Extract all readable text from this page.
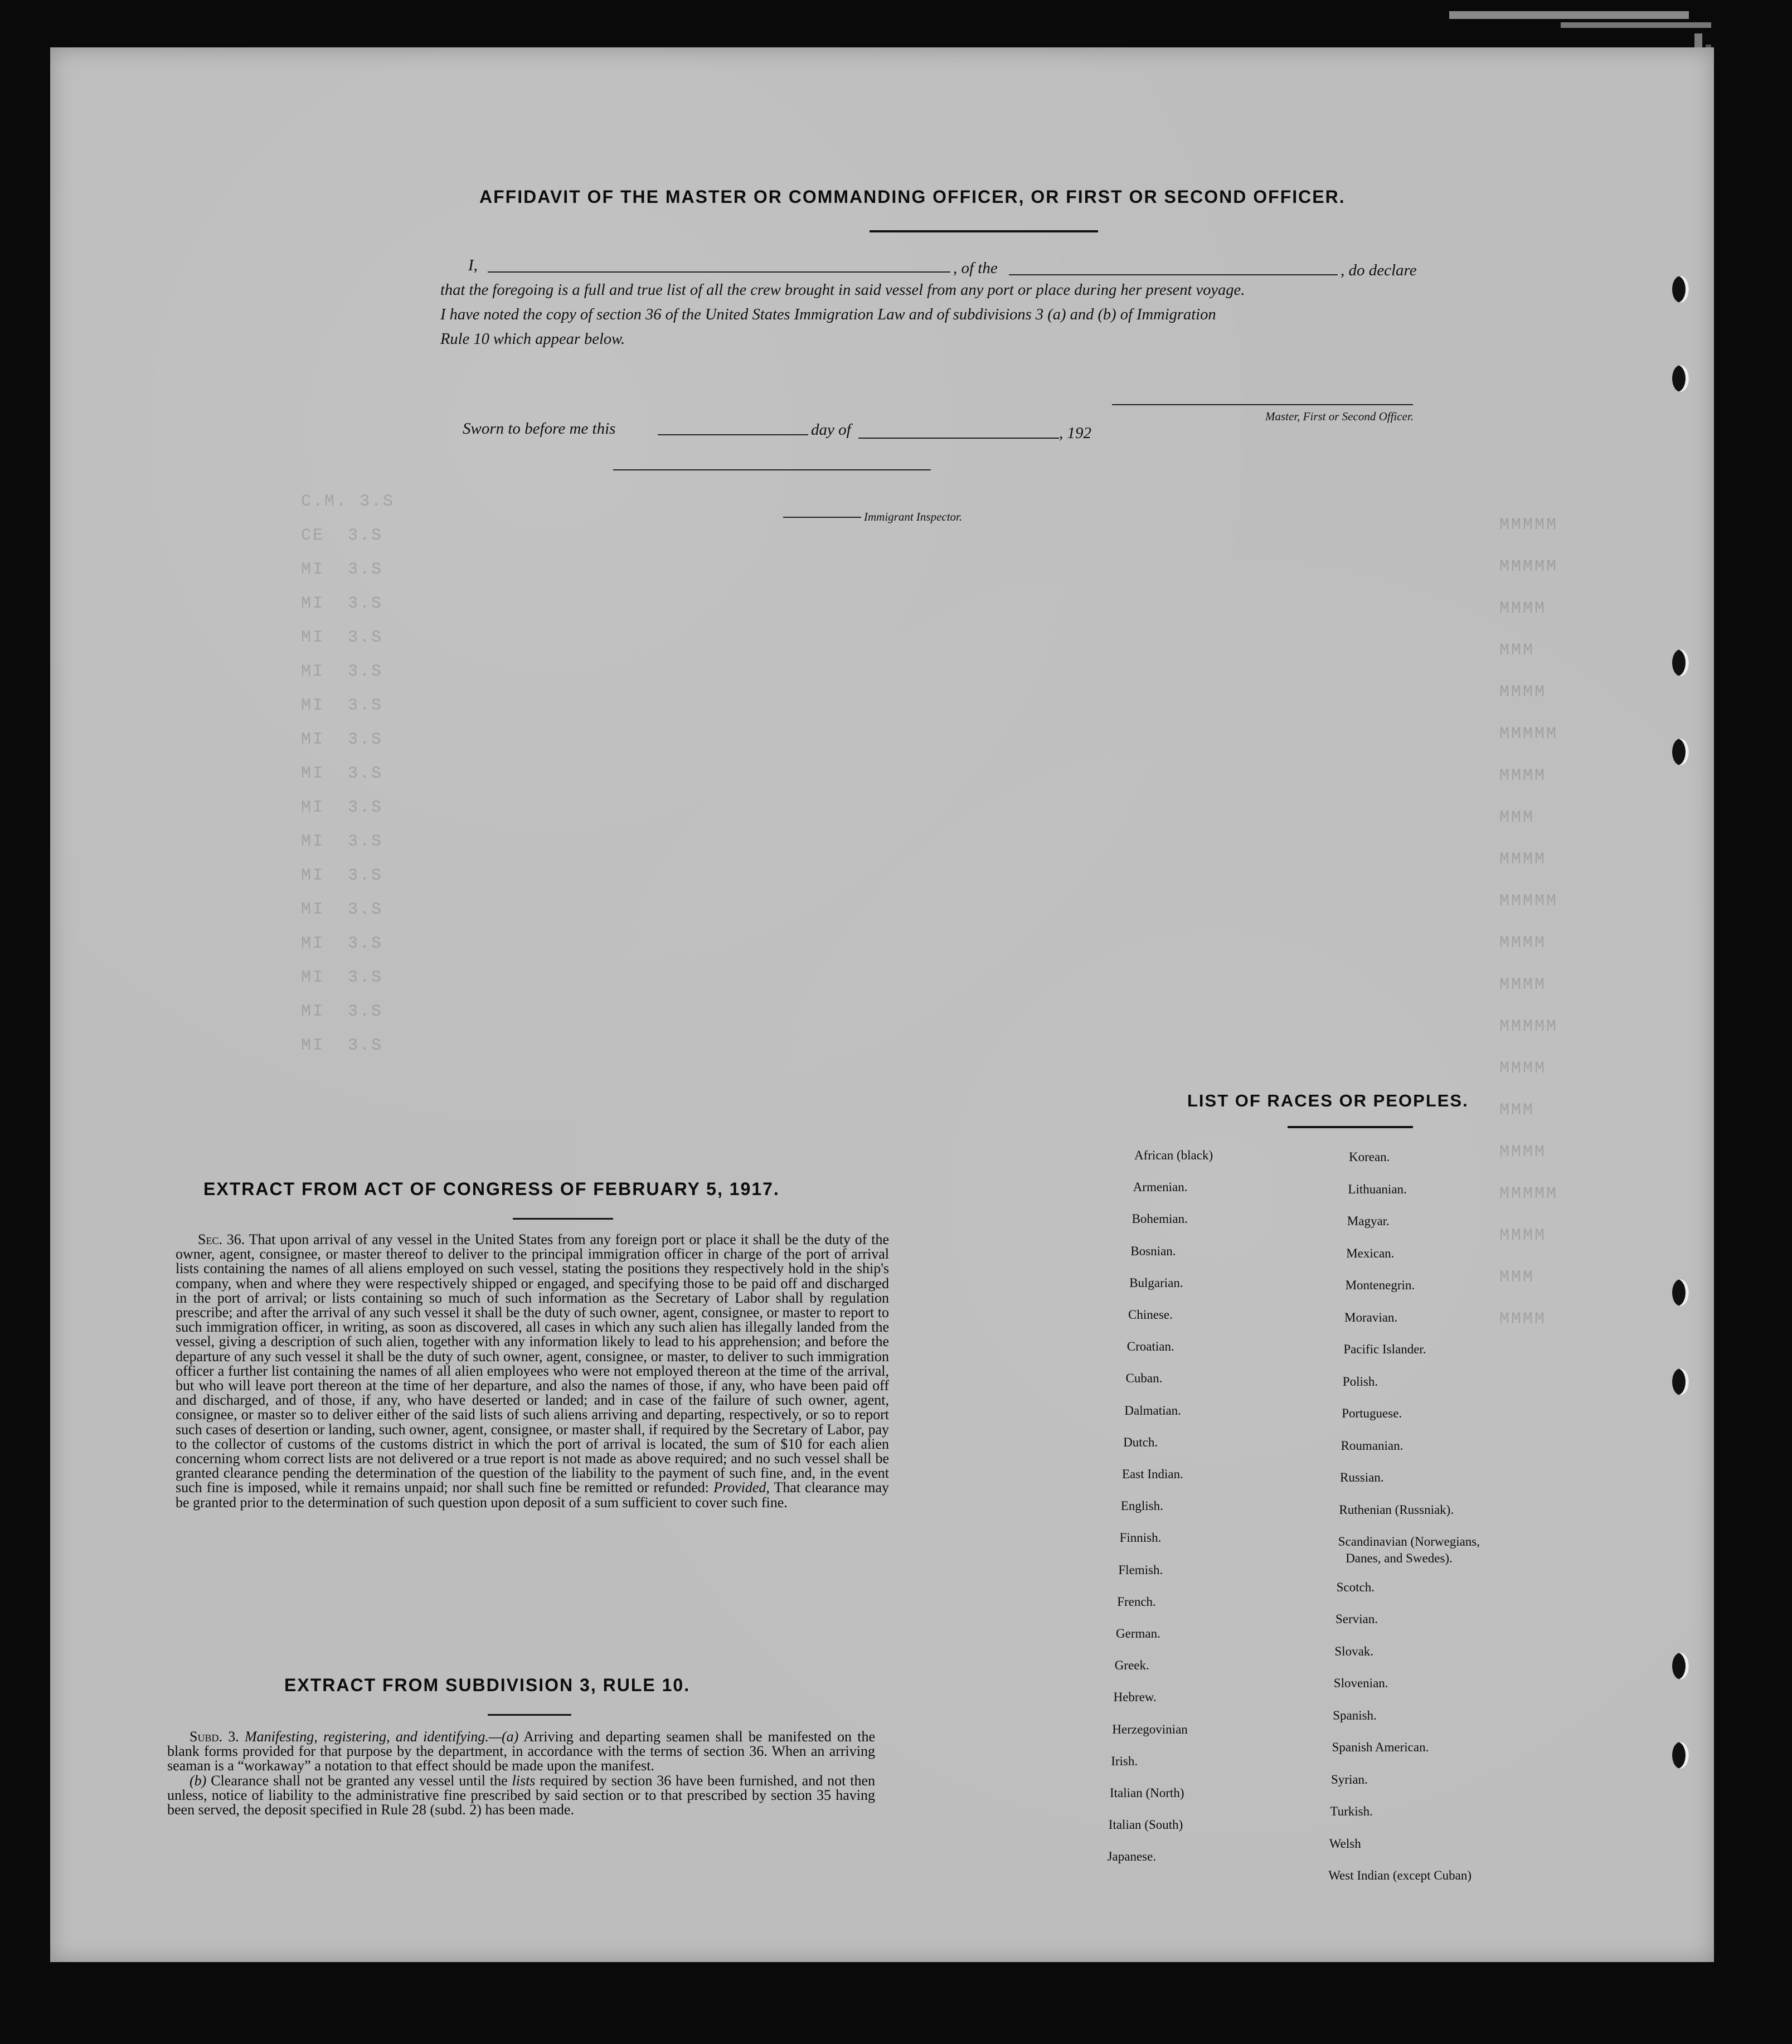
C.M. 3.S
CE  3.S
MI  3.S
MI  3.S
MI  3.S
MI  3.S
MI  3.S
MI  3.S
MI  3.S
MI  3.S
MI  3.S
MI  3.S
MI  3.S
MI  3.S
MI  3.S
MI  3.S
MI  3.S
MMMMM
MMMMM
MMMM
MMM
MMMM
MMMMM
MMMM
MMM
MMMM
MMMMM
MMMM
MMMM
MMMMM
MMMM
MMM
MMMM
MMMMM
MMMM
MMM
MMMM
AFFIDAVIT OF THE MASTER OR COMMANDING OFFICER, OR FIRST OR SECOND OFFICER.
I,	, of the	, do declare
that the foregoing is a full and true list of all the crew brought in said vessel from any port or place during her present voyage.
I have noted the copy of section 36 of the United States Immigration Law and of subdivisions 3 (a) and (b) of Immigration
Rule 10 which appear below.
Master, First or Second Officer.
Sworn to before me this	day of	, 192
Immigrant Inspector.
LIST OF RACES OR PEOPLES.
African (black)
Armenian.
Bohemian.
Bosnian.
Bulgarian.
Chinese.
Croatian.
Cuban.
Dalmatian.
Dutch.
East Indian.
English.
Finnish.
Flemish.
French.
German.
Greek.
Hebrew.
Herzegovinian
Irish.
Italian (North)
Italian (South)
Japanese.
Korean.
Lithuanian.
Magyar.
Mexican.
Montenegrin.
Moravian.
Pacific Islander.
Polish.
Portuguese.
Roumanian.
Russian.
Ruthenian (Russniak).
Scandinavian (Norwegians,
Danes, and Swedes).
Scotch.
Servian.
Slovak.
Slovenian.
Spanish.
Spanish American.
Syrian.
Turkish.
Welsh
West Indian (except Cuban)
EXTRACT FROM ACT OF CONGRESS OF FEBRUARY 5, 1917.

Sec. 36. That upon arrival of any vessel in the United States from any foreign port or place it shall be the duty of the owner, agent, consignee, or master thereof to deliver to the principal immigration officer in charge of the port of arrival lists containing the names of all aliens employed on such vessel, stating the positions they respectively hold in the ship's company, when and where they were respectively shipped or engaged, and specifying those to be paid off and discharged in the port of arrival; or lists containing so much of such information as the Secretary of Labor shall by regulation prescribe; and after the arrival of any such vessel it shall be the duty of such owner, agent, consignee, or master to report to such immigration officer, in writing, as soon as discovered, all cases in which any such alien has illegally landed from the vessel, giving a description of such alien, together with any information likely to lead to his apprehension; and before the departure of any such vessel it shall be the duty of such owner, agent, consignee, or master, to deliver to such immigration officer a further list containing the names of all alien employees who were not employed thereon at the time of the arrival, but who will leave port thereon at the time of her departure, and also the names of those, if any, who have been paid off and discharged, and of those, if any, who have deserted or landed; and in case of the failure of such owner, agent, consignee, or master so to deliver either of the said lists of such aliens arriving and departing, respectively, or so to report such cases of desertion or landing, such owner, agent, consignee, or master shall, if required by the Secretary of Labor, pay to the collector of customs of the customs district in which the port of arrival is located, the sum of $10 for each alien concerning whom correct lists are not delivered or a true report is not made as above required; and no such vessel shall be granted clearance pending the determination of the question of the liability to the payment of such fine, and, in the event such fine is imposed, while it remains unpaid; nor shall such fine be remitted or refunded: Provided, That clearance may be granted prior to the determination of such question upon deposit of a sum sufficient to cover such fine.

EXTRACT FROM SUBDIVISION 3, RULE 10.

Subd. 3. Manifesting, registering, and identifying.—(a) Arriving and departing seamen shall be manifested on the blank forms provided for that purpose by the department, in accordance with the terms of section 36. When an arriving seaman is a “workaway” a notation to that effect should be made upon the manifest.

(b) Clearance shall not be granted any vessel until the lists required by section 36 have been furnished, and not then unless, notice of liability to the administrative fine prescribed by said section or to that prescribed by section 35 having been served, the deposit specified in Rule 28 (subd. 2) has been made.
